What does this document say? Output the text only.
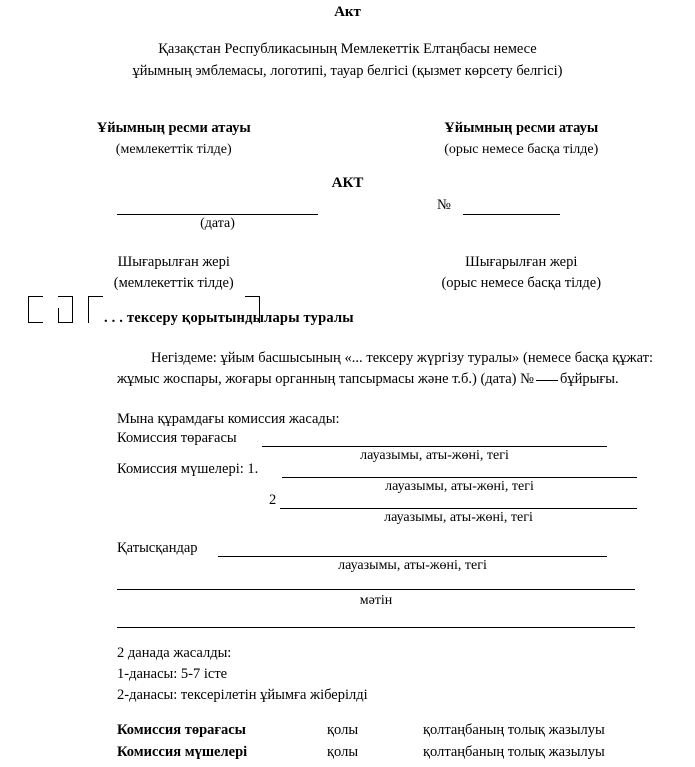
Акт
Қазақстан Республикасының Мемлекеттік Елтаңбасы немесе
ұйымның эмблемасы, логотипі, тауар белгісі (қызмет көрсету белгісі)
Ұйымның ресми атауы
(мемлекеттік тілде)
Ұйымның ресми атауы
(орыс немесе басқа тілде)
АКТ
(дата)
№
Шығарылған жері
(мемлекеттік тілде)
Шығарылған жері
(орыс немесе басқа тілде)
. . . тексеру қорытындылары туралы
Негіздеме: ұйым басшысының «... тексеру жүргізу туралы» (немесе басқа құжат: жұмыс жоспары, жоғары органның тапсырмасы және т.б.) (дата) № бұйрығы.
Мына құрамдағы комиссия жасады:
Комиссия төрағасы
лауазымы, аты-жөні, тегі
Комиссия мүшелері: 1.
лауазымы, аты-жөні, тегі
2
лауазымы, аты-жөні, тегі
Қатысқандар
лауазымы, аты-жөні, тегі
мәтін
2 данада жасалды:
1-данасы: 5-7 істе
2-данасы: тексерілетін ұйымға жіберілді
Комиссия төрағасы	қолы	қолтаңбаның толық жазылуы
Комиссия мүшелері	қолы	қолтаңбаның толық жазылуы
